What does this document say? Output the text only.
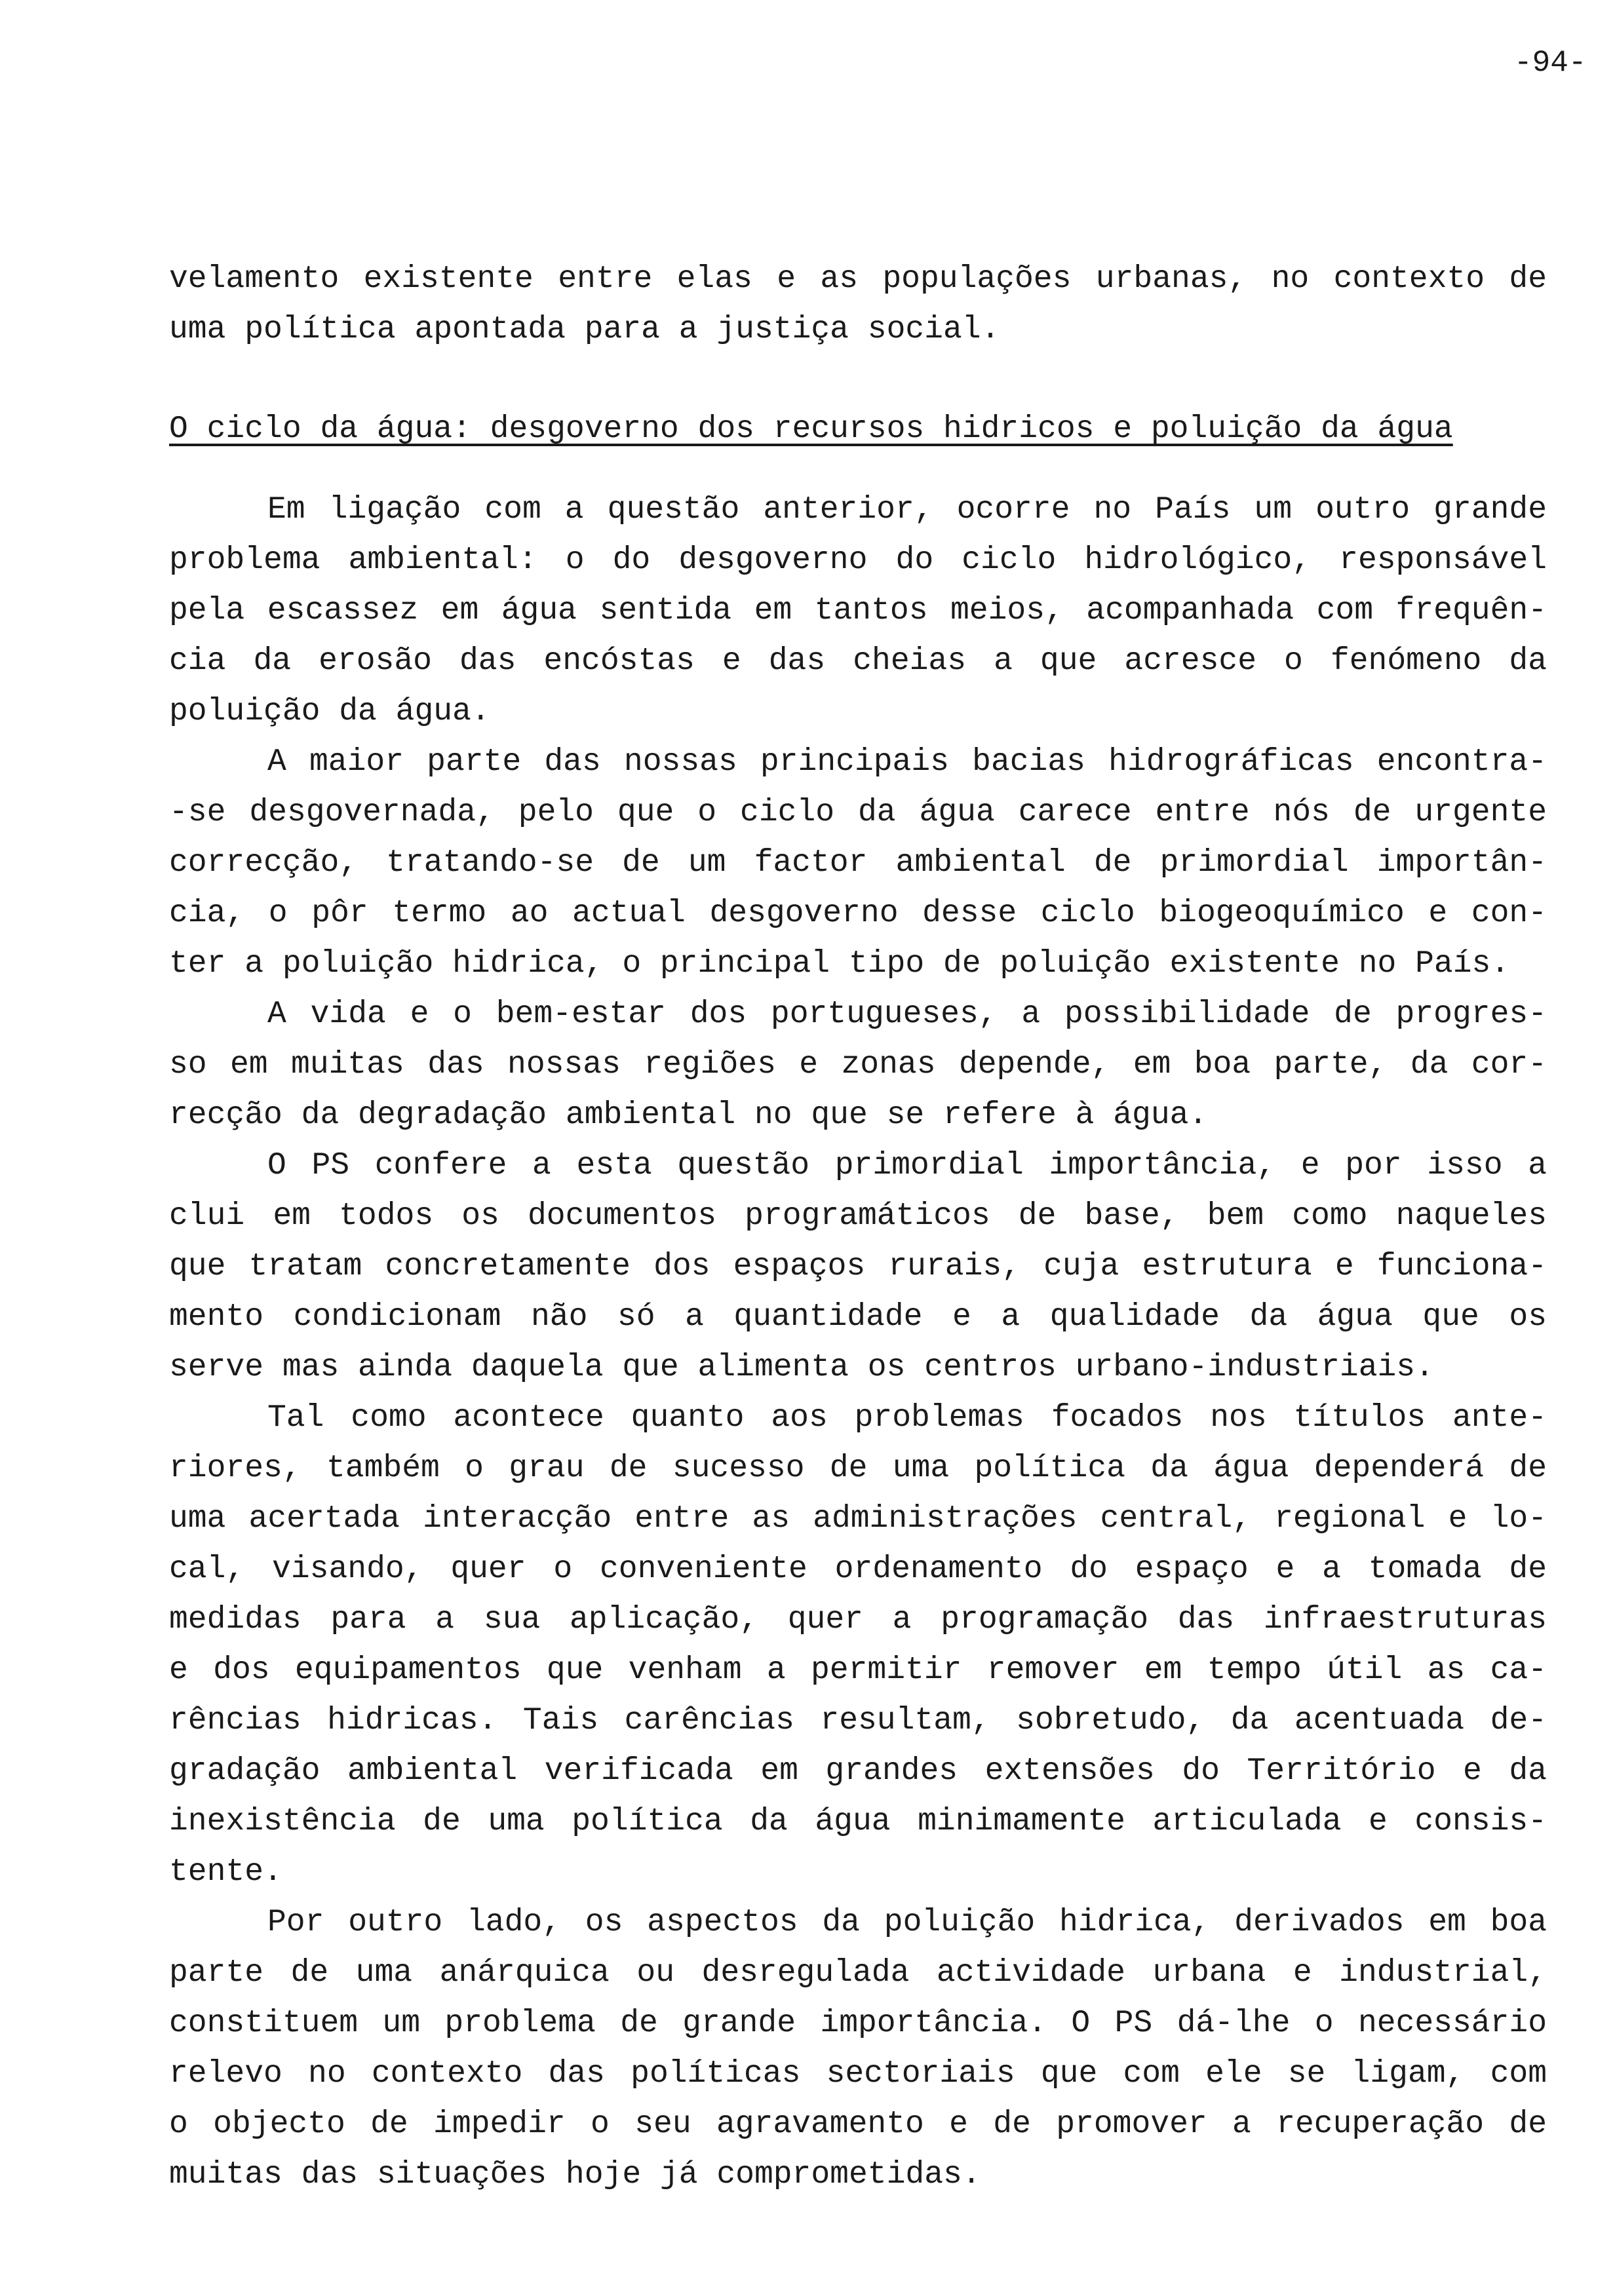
-94-
velamento existente entre elas e as populações urbanas, no contexto de
uma política apontada para a justiça social.
O ciclo da água: desgoverno dos recursos hidricos e poluição da água
Em ligação com a questão anterior, ocorre no País um outro grande
problema ambiental: o do desgoverno do ciclo hidrológico, responsável
pela escassez em água sentida em tantos meios, acompanhada com frequên-
cia da erosão das encóstas e das cheias a que acresce o fenómeno da
poluição da água.
A maior parte das nossas principais bacias hidrográficas encontra-
-se desgovernada, pelo que o ciclo da água carece entre nós de urgente
correcção, tratando-se de um factor ambiental de primordial importân-
cia, o pôr termo ao actual desgoverno desse ciclo biogeoquímico e con-
ter a poluição hidrica, o principal tipo de poluição existente no País.
A vida e o bem-estar dos portugueses, a possibilidade de progres-
so em muitas das nossas regiões e zonas depende, em boa parte, da cor-
recção da degradação ambiental no que se refere à água.
O PS confere a esta questão primordial importância, e por isso a
clui em todos os documentos programáticos de base, bem como naqueles
que tratam concretamente dos espaços rurais, cuja estrutura e funciona-
mento condicionam não só a quantidade e a qualidade da água que os
serve mas ainda daquela que alimenta os centros urbano-industriais.
Tal como acontece quanto aos problemas focados nos títulos ante-
riores, também o grau de sucesso de uma política da água dependerá de
uma acertada interacção entre as administrações central, regional e lo-
cal, visando, quer o conveniente ordenamento do espaço e a tomada de
medidas para a sua aplicação, quer a programação das infraestruturas
e dos equipamentos que venham a permitir remover em tempo útil as ca-
rências hidricas. Tais carências resultam, sobretudo, da acentuada de-
gradação ambiental verificada em grandes extensões do Território e da
inexistência de uma política da água minimamente articulada e consis-
tente.
Por outro lado, os aspectos da poluição hidrica, derivados em boa
parte de uma anárquica ou desregulada actividade urbana e industrial,
constituem um problema de grande importância. O PS dá-lhe o necessário
relevo no contexto das políticas sectoriais que com ele se ligam, com
o objecto de impedir o seu agravamento e de promover a recuperação de
muitas das situações hoje já comprometidas.
